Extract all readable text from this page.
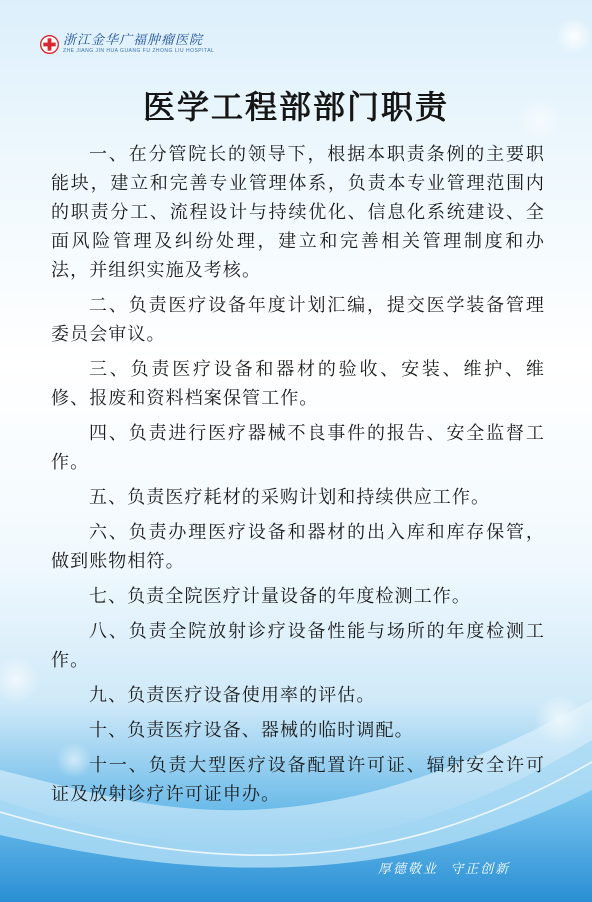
浙江金华广福肿瘤医院
ZHE JIANG JIN HUA GUANG FU ZHONG LIU HOSPITAL
医学工程部部门职责

一、在分管院长的领导下，根据本职责条例的主要职能块，建立和完善专业管理体系，负责本专业管理范围内的职责分工、流程设计与持续优化、信息化系统建设、全面风险管理及纠纷处理，建立和完善相关管理制度和办法，并组织实施及考核。

二、负责医疗设备年度计划汇编，提交医学装备管理委员会审议。

三、负责医疗设备和器材的验收、安装、维护、维修、报废和资料档案保管工作。

四、负责进行医疗器械不良事件的报告、安全监督工作。

五、负责医疗耗材的采购计划和持续供应工作。

六、负责办理医疗设备和器材的出入库和库存保管，做到账物相符。

七、负责全院医疗计量设备的年度检测工作。

八、负责全院放射诊疗设备性能与场所的年度检测工作。

九、负责医疗设备使用率的评估。

十、负责医疗设备、器械的临时调配。

十一、负责大型医疗设备配置许可证、辐射安全许可证及放射诊疗许可证申办。

厚德敬业  守正创新
